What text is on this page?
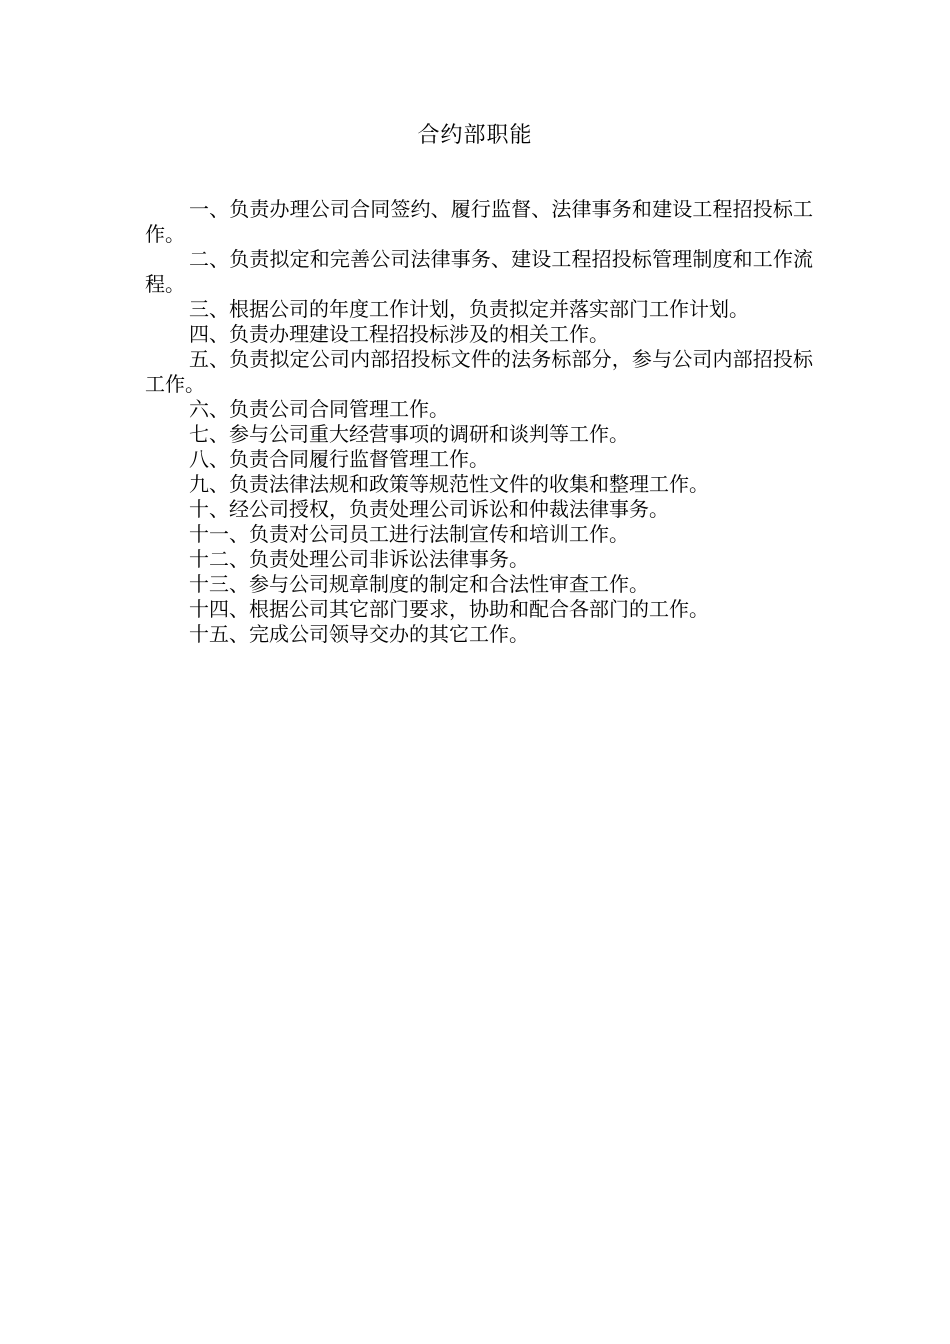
合约部职能

一、负责办理公司合同签约、履行监督、法律事务和建设工程招投标工作。

二、负责拟定和完善公司法律事务、建设工程招投标管理制度和工作流程。

三、根据公司的年度工作计划，负责拟定并落实部门工作计划。

四、负责办理建设工程招投标涉及的相关工作。

五、负责拟定公司内部招投标文件的法务标部分，参与公司内部招投标工作。

六、负责公司合同管理工作。

七、参与公司重大经营事项的调研和谈判等工作。

八、负责合同履行监督管理工作。

九、负责法律法规和政策等规范性文件的收集和整理工作。

十、经公司授权，负责处理公司诉讼和仲裁法律事务。

十一、负责对公司员工进行法制宣传和培训工作。

十二、负责处理公司非诉讼法律事务。

十三、参与公司规章制度的制定和合法性审查工作。

十四、根据公司其它部门要求，协助和配合各部门的工作。

十五、完成公司领导交办的其它工作。
